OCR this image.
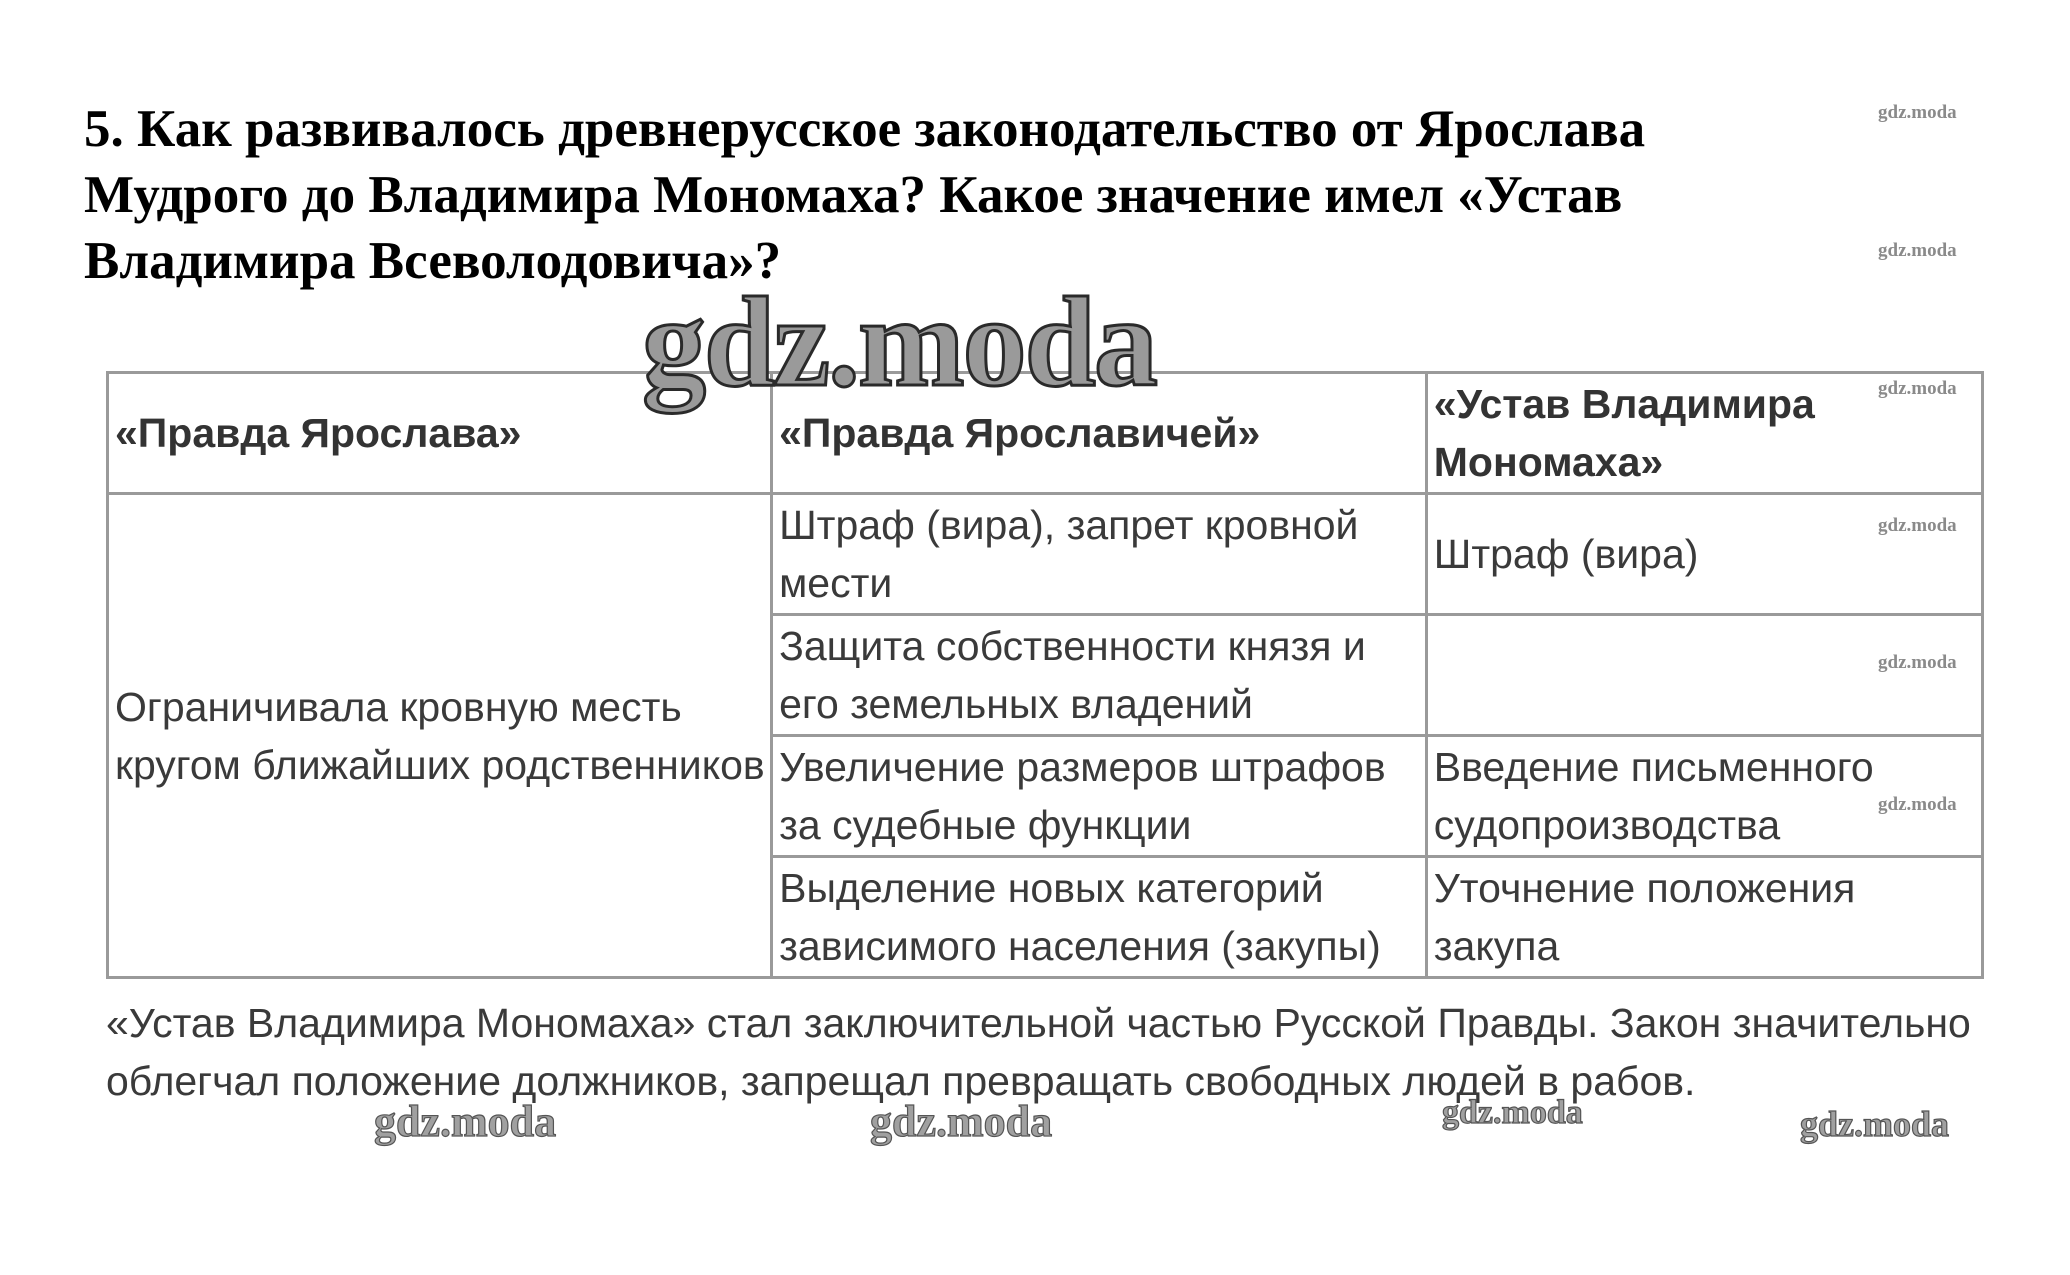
5. Как развивалось древнерусское законодательство от Ярослава
Мудрого до Владимира Мономаха? Какое значение имел «Устав
Владимира Всеволодовича»?
gdz.moda
gdz.moda
gdz.moda
gdz.moda
gdz.moda
gdz.moda
gdz.moda
«Правда Ярослава»	«Правда Ярославичей»	«Устав Владимира Мономаха»
Ограничивала кровную месть кругом ближайших родственников	Штраф (вира), запрет кровной мести	Штраф (вира)
	Защита собственности князя и его земельных владений	
	Увеличение размеров штрафов за судебные функции	Введение письменного судопроизводства
	Выделение новых категорий зависимого населения (закупы)	Уточнение положения закупа

«Устав Владимира Мономаха» стал заключительной частью Русской Правды. Закон значительно облегчал положение должников, запрещал превращать свободных людей в рабов.

gdz.moda	gdz.moda	gdz.moda	gdz.moda
